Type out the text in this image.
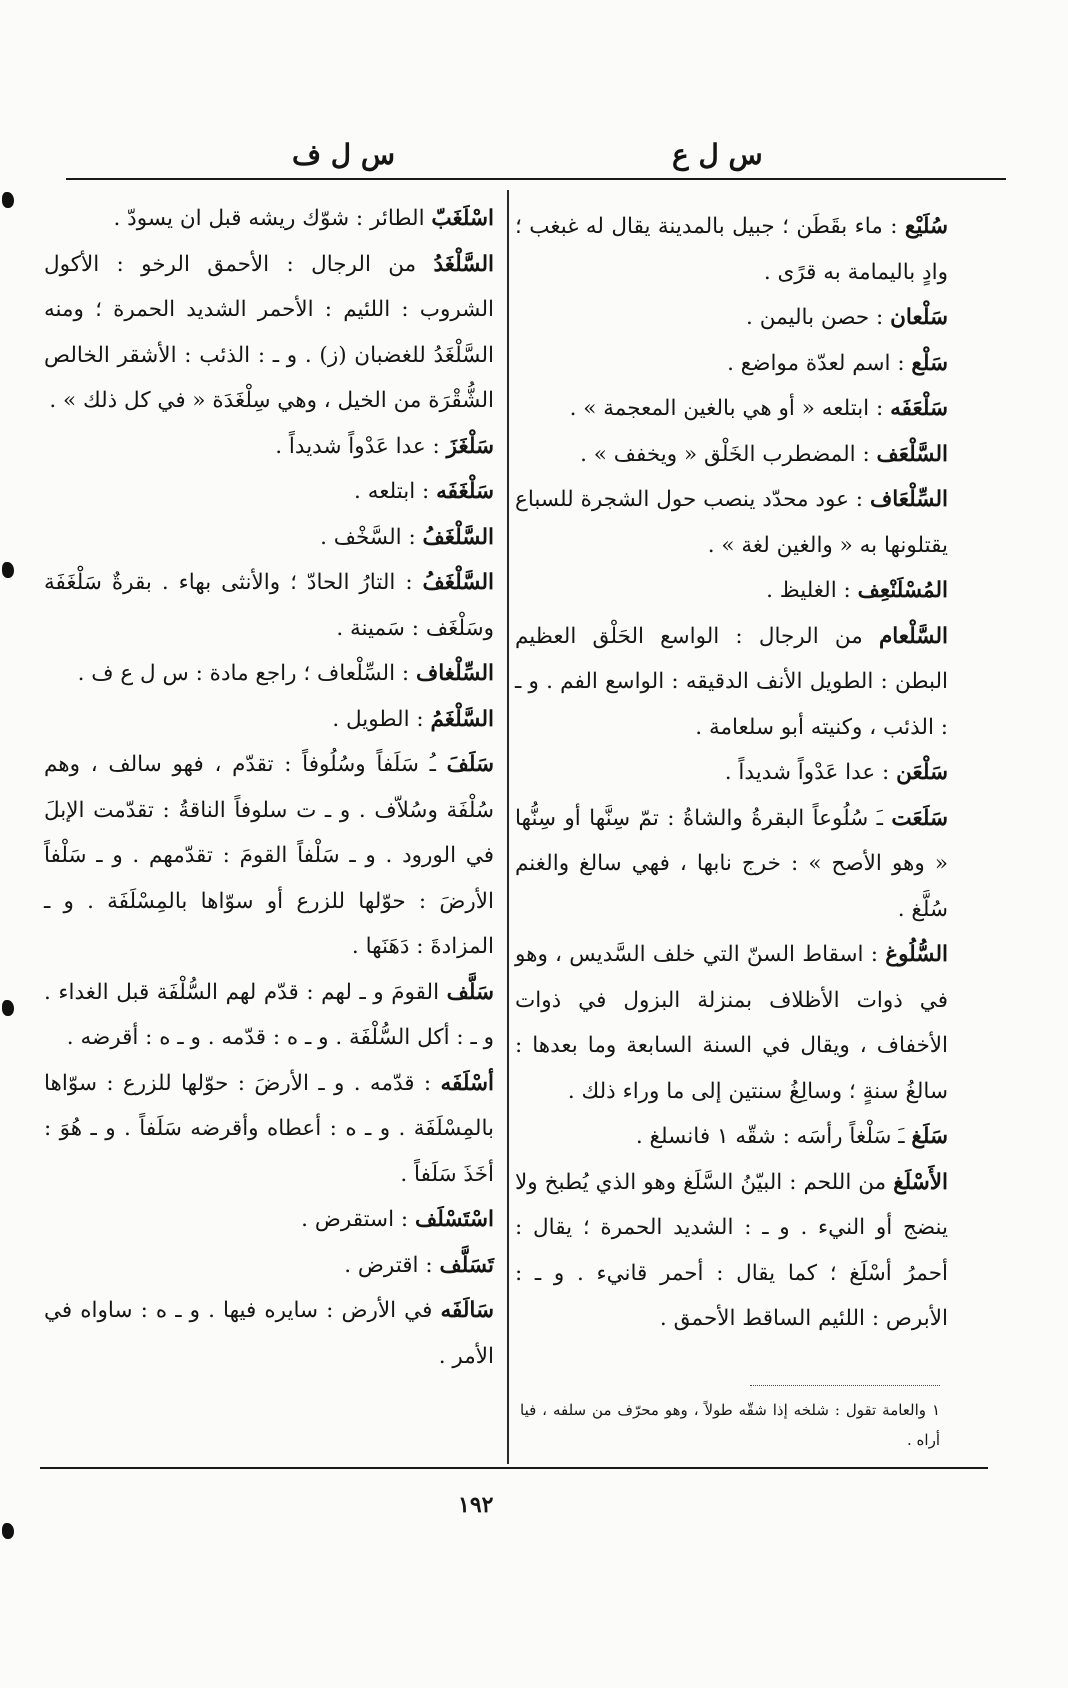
س ل ع
س ل ف

سُلَيْع : ماء بقَطَن ؛ جبيل بالمدينة يقال له غبغب ؛ وادٍ باليمامة به قرًى .

سَلْعان : حصن باليمن .

سَلْع : اسم لعدّة مواضع .

سَلْعَفَه : ابتلعه « أو هي بالغين المعجمة » .

السَّلْعَف : المضطرب الخَلْق « ويخفف » .

السِّلْعَاف : عود محدّد ينصب حول الشجرة للسباع يقتلونها به « والغين لغة » .

المُسْلَنْعِف : الغليظ .

السَّلْعام من الرجال : الواسع الحَلْق العظيم البطن : الطويل الأنف الدقيقه : الواسع الفم . و ـ : الذئب ، وكنيته أبو سلعامة .

سَلْعَن : عدا عَدْواً شديداً .

سَلَعَت ـَ سُلُوعاً البقرةُ والشاةُ : تمّ سِنَّها أو سِنُّها « وهو الأصح » : خرج نابها ، فهي سالغ والغنم سُلَّغ .

السُّلُوغ : اسقاط السنّ التي خلف السَّديس ، وهو في ذوات الأظلاف بمنزلة البزول في ذوات الأخفاف ، ويقال في السنة السابعة وما بعدها : سالغُ سنةٍ ؛ وسالِغُ سنتين إلى ما وراء ذلك .

سَلَغ ـَ سَلْغاً رأسَه : شقّه ١ فانسلغ .

الأَسْلَغ من اللحم : البيّنُ السَّلَغ وهو الذي يُطبخ ولا ينضج أو النيء . و ـ : الشديد الحمرة ؛ يقال : أحمرُ أسْلَغ ؛ كما يقال : أحمر قانيء . و ـ : الأبرص : اللئيم الساقط الأحمق .

اسْلَغَبّ الطائر : شوّك ريشه قبل ان يسودّ .

السَّلْغَدُ من الرجال : الأحمق الرخو : الأكول الشروب : اللئيم : الأحمر الشديد الحمرة ؛ ومنه السَّلْغَدُ للغضبان (ز) . و ـ : الذئب : الأشقر الخالص الشُّقْرَة من الخيل ، وهي سِلْغَدَة « في كل ذلك » .

سَلْغَزَ : عدا عَدْواً شديداً .

سَلْغَفَه : ابتلعه .

السَّلْغَفُ : السَّخْف .

السَّلْغَفُ : التارُ الحادّ ؛ والأنثى بهاء . بقرةٌ سَلْغَفَة وسَلْغَف : سَمينة .

السِّلْغاف : السِّلْعاف ؛ راجع مادة : س ل ع ف .

السَّلْغَمُ : الطويل .

سَلَفَ ـُ سَلَفاً وسُلُوفاً : تقدّم ، فهو سالف ، وهم سُلْفَة وسُلاّف . و ـ ت سلوفاً الناقةُ : تقدّمت الإبلَ في الورود . و ـ سَلْفاً القومَ : تقدّمهم . و ـ سَلْفاً الأرضَ : حوّلها للزرع أو سوّاها بالمِسْلَفَة . و ـ المزادةَ : دَهَنَها .

سَلَّف القومَ و ـ لهم : قدّم لهم السُّلْفَة قبل الغداء . و ـ : أكل السُّلْفَة . و ـ ه : قدّمه . و ـ ه : أقرضه .

أسْلَفَه : قدّمه . و ـ الأرضَ : حوّلها للزرع : سوّاها بالمِسْلَفَة . و ـ ه : أعطاه وأقرضه سَلَفاً . و ـ هُوَ : أخَذَ سَلَفاً .

اسْتَسْلَف : استقرض .

تَسَلَّف : اقترض .

سَالَفَه في الأرض : سايره فيها . و ـ ه : ساواه في الأمر .

١ والعامة تقول : شلخه إذا شقّه طولاً ، وهو محرّف من سلفه ، فيا أراه .
١٩٢
